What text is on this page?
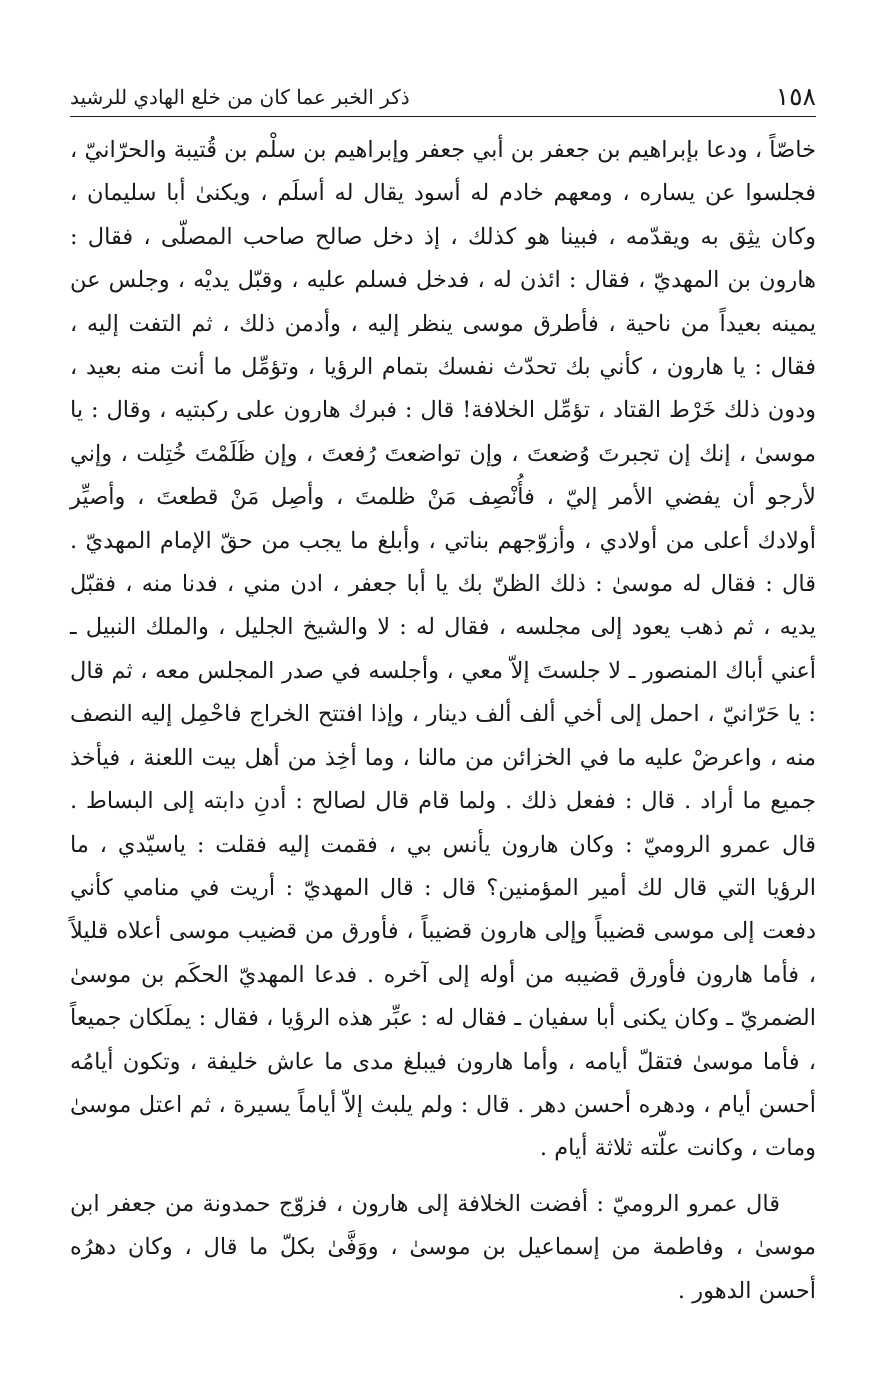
١٥٨
ذكر الخبر عما كان من خلع الهادي للرشيد

خاصّاً ، ودعا بإبراهيم بن جعفر بن أبي جعفر وإبراهيم بن سلْم بن قُتيبة والحرّانيّ ، فجلسوا عن يساره ، ومعهم خادم له أسود يقال له أسلَم ، ويكنىٰ أبا سليمان ، وكان يثِق به ويقدّمه ، فبينا هو كذلك ، إذ دخل صالح صاحب المصلّى ، فقال : هارون بن المهديّ ، فقال : ائذن له ، فدخل فسلم عليه ، وقبّل يديْه ، وجلس عن يمينه بعيداً من ناحية ، فأطرق موسى ينظر إليه ، وأدمن ذلك ، ثم التفت إليه ، فقال : يا هارون ، كأني بك تحدّث نفسك بتمام الرؤيا ، وتؤمِّل ما أنت منه بعيد ، ودون ذلك خَرْط القتاد ، تؤمِّل الخلافة! قال : فبرك هارون على ركبتيه ، وقال : يا موسىٰ ، إنك إن تجبرتَ وُضعتَ ، وإن تواضعتَ رُفعتَ ، وإن ظَلَمْتَ خُتِلت ، وإني لأرجو أن يفضي الأمر إليّ ، فأُنْصِف مَنْ ظلمتَ ، وأصِل مَنْ قطعتَ ، وأصيِّر أولادك أعلى من أولادي ، وأزوّجهم بناتي ، وأبلغ ما يجب من حقّ الإمام المهديّ . قال : فقال له موسىٰ : ذلك الظنّ بك يا أبا جعفر ، ادن مني ، فدنا منه ، فقبّل يديه ، ثم ذهب يعود إلى مجلسه ، فقال له : لا والشيخ الجليل ، والملك النبيل ـ أعني أباك المنصور ـ لا جلستَ إلاّ معي ، وأجلسه في صدر المجلس معه ، ثم قال : يا حَرّانيّ ، احمل إلى أخي ألف ألف دينار ، وإذا افتتح الخراج فاحْمِل إليه النصف منه ، واعرضْ عليه ما في الخزائن من مالنا ، وما أخِذ من أهل بيت اللعنة ، فيأخذ جميع ما أراد . قال : ففعل ذلك . ولما قام قال لصالح : أدنِ دابته إلى البساط . قال عمرو الروميّ : وكان هارون يأنس بي ، فقمت إليه فقلت : ياسيّدي ، ما الرؤيا التي قال لك أمير المؤمنين؟ قال : قال المهديّ : أريت في منامي كأني دفعت إلى موسى قضيباً وإلى هارون قضيباً ، فأورق من قضيب موسى أعلاه قليلاً ، فأما هارون فأورق قضيبه من أوله إلى آخره . فدعا المهديّ الحكَم بن موسىٰ الضمريّ ـ وكان يكنى أبا سفيان ـ فقال له : عبِّر هذه الرؤيا ، فقال : يملَكان جميعاً ، فأما موسىٰ فتقلّ أيامه ، وأما هارون فيبلغ مدى ما عاش خليفة ، وتكون أيامُه أحسن أيام ، ودهره أحسن دهر . قال : ولم يلبث إلاّ أياماً يسيرة ، ثم اعتل موسىٰ ومات ، وكانت علّته ثلاثة أيام .

قال عمرو الروميّ : أفضت الخلافة إلى هارون ، فزوّج حمدونة من جعفر ابن موسىٰ ، وفاطمة من إسماعيل بن موسىٰ ، ووَفَّىٰ بكلّ ما قال ، وكان دهرُه أحسن الدهور .
